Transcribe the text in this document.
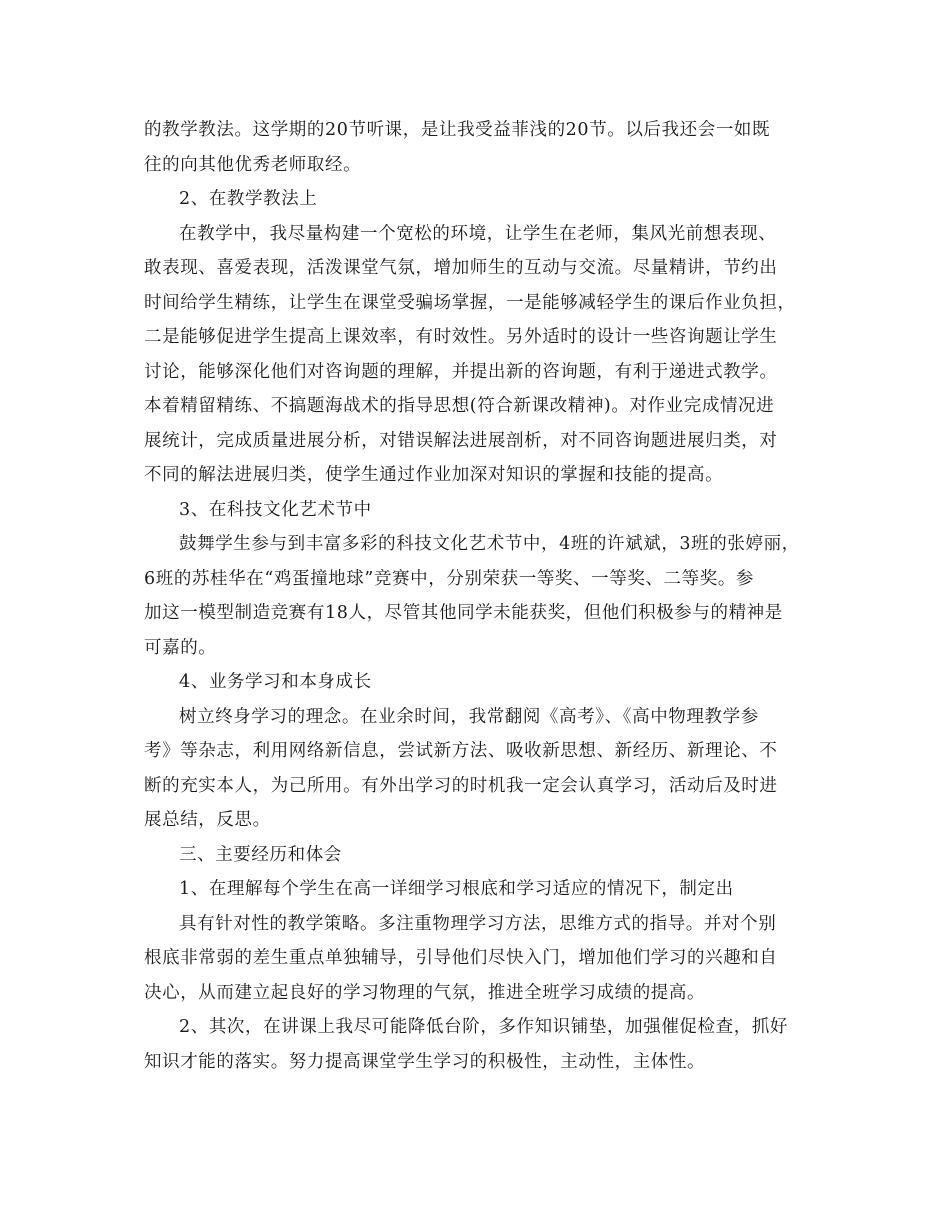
的教学教法。这学期的20节听课，是让我受益菲浅的20节。以后我还会一如既
往的向其他优秀老师取经。
2、在教学教法上
在教学中，我尽量构建一个宽松的环境，让学生在老师，集风光前想表现、
敢表现、喜爱表现，活泼课堂气氛，增加师生的互动与交流。尽量精讲，节约出
时间给学生精练，让学生在课堂受骗场掌握，一是能够减轻学生的课后作业负担，
二是能够促进学生提高上课效率，有时效性。另外适时的设计一些咨询题让学生
讨论，能够深化他们对咨询题的理解，并提出新的咨询题，有利于递进式教学。
本着精留精练、不搞题海战术的指导思想(符合新课改精神)。对作业完成情况进
展统计，完成质量进展分析，对错误解法进展剖析，对不同咨询题进展归类，对
不同的解法进展归类，使学生通过作业加深对知识的掌握和技能的提高。
3、在科技文化艺术节中
鼓舞学生参与到丰富多彩的科技文化艺术节中，4班的许斌斌，3班的张婷丽，
6班的苏桂华在“鸡蛋撞地球”竞赛中，分别荣获一等奖、一等奖、二等奖。参
加这一模型制造竞赛有18人，尽管其他同学未能获奖，但他们积极参与的精神是
可嘉的。
4、业务学习和本身成长
树立终身学习的理念。在业余时间，我常翻阅《高考》、《高中物理教学参
考》等杂志，利用网络新信息，尝试新方法、吸收新思想、新经历、新理论、不
断的充实本人，为己所用。有外出学习的时机我一定会认真学习，活动后及时进
展总结，反思。
三、主要经历和体会
1、在理解每个学生在高一详细学习根底和学习适应的情况下，制定出
具有针对性的教学策略。多注重物理学习方法，思维方式的指导。并对个别
根底非常弱的差生重点单独辅导，引导他们尽快入门，增加他们学习的兴趣和自
决心，从而建立起良好的学习物理的气氛，推进全班学习成绩的提高。
2、其次，在讲课上我尽可能降低台阶，多作知识铺垫，加强催促检查，抓好
知识才能的落实。努力提高课堂学生学习的积极性，主动性，主体性。
